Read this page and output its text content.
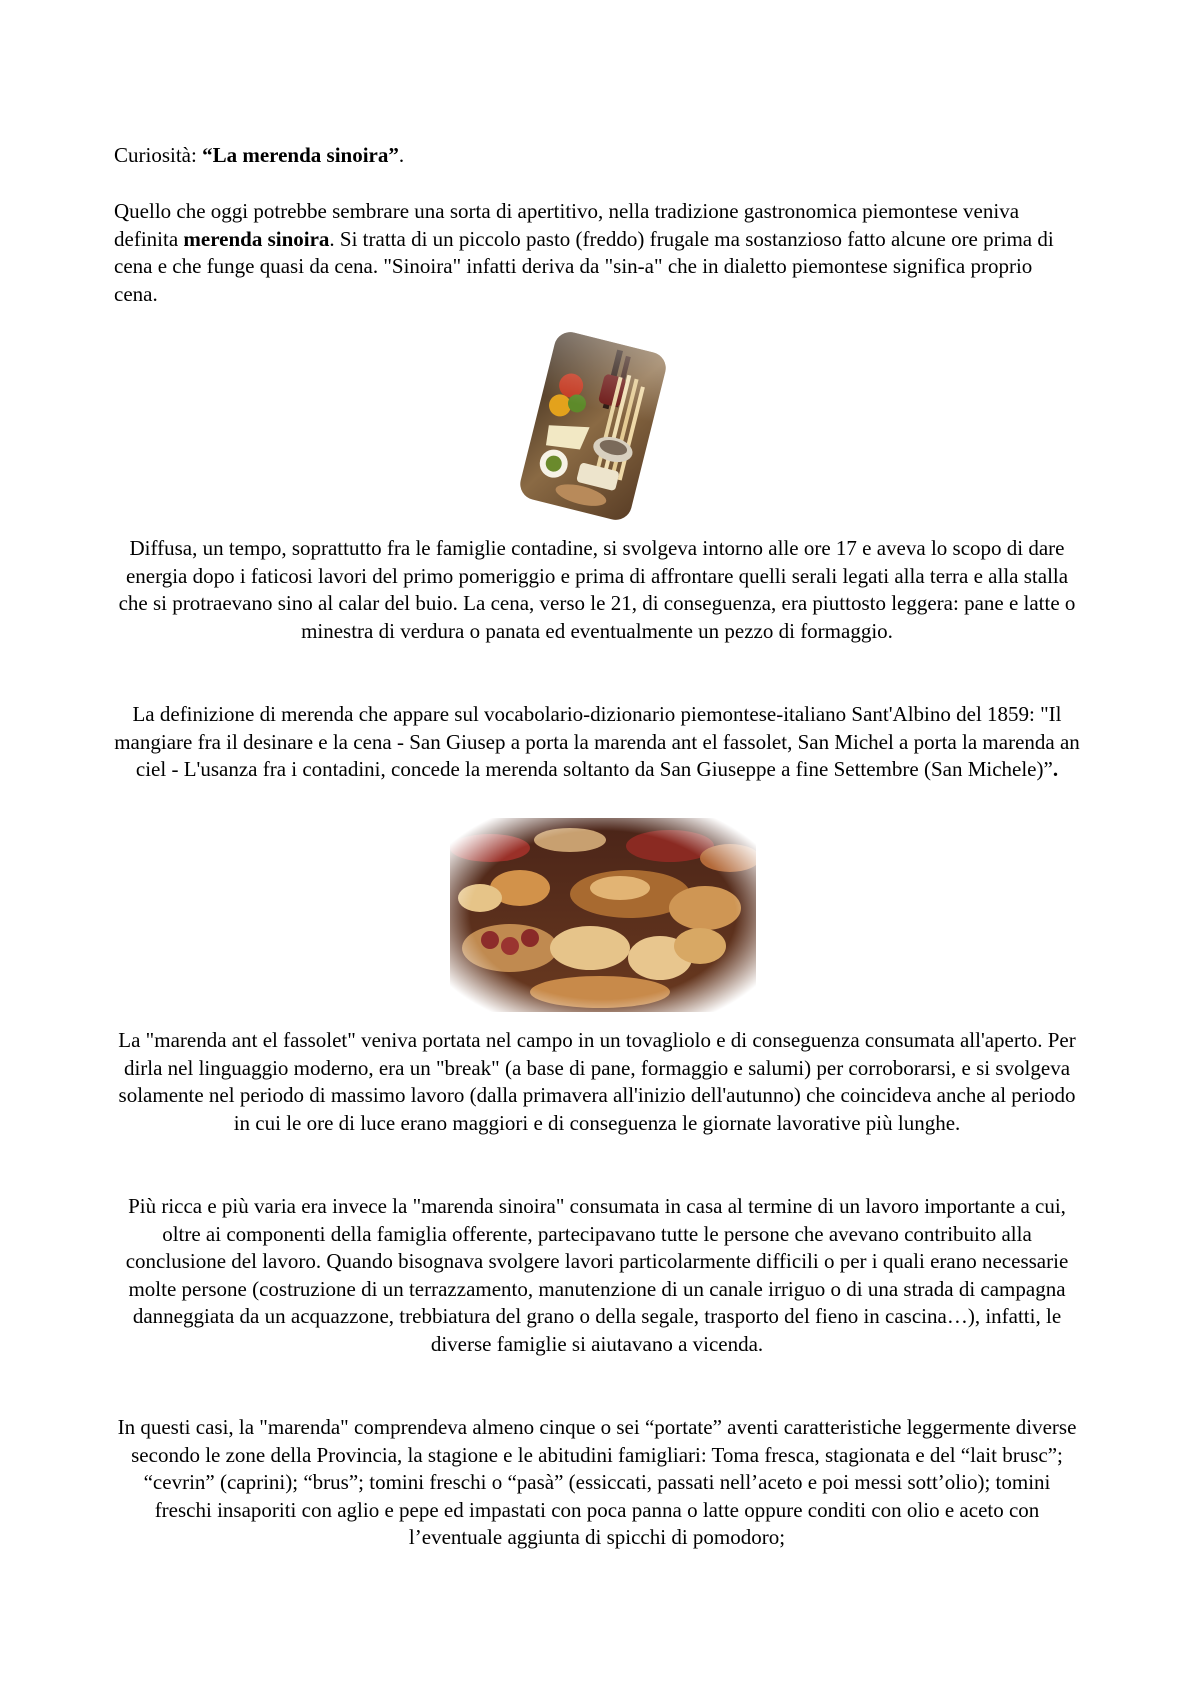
Curiosità: “La merenda sinoira”.

Quello che oggi potrebbe sembrare una sorta di apertitivo, nella tradizione gastronomica piemontese veniva definita merenda sinoira. Si tratta di un piccolo pasto (freddo) frugale ma sostanzioso fatto alcune ore prima di cena e che funge quasi da cena. "Sinoira" infatti deriva da "sin-a" che in dialetto piemontese significa proprio cena.

Diffusa, un tempo, soprattutto fra le famiglie contadine, si svolgeva intorno alle ore 17 e aveva lo scopo di dare energia dopo i faticosi lavori del primo pomeriggio e prima di affrontare quelli serali legati alla terra e alla stalla che si protraevano sino al calar del buio. La cena, verso le 21, di conseguenza, era piuttosto leggera: pane e latte o minestra di verdura o panata ed eventualmente un pezzo di formaggio.

La definizione di merenda che appare sul vocabolario-dizionario piemontese-italiano Sant'Albino del 1859: "Il mangiare fra il desinare e la cena - San Giusep a porta la marenda ant el fassolet, San Michel a porta la marenda an ciel - L'usanza fra i contadini, concede la merenda soltanto da San Giuseppe a fine Settembre (San Michele)”.

La "marenda ant el fassolet" veniva portata nel campo in un tovagliolo e di conseguenza consumata all'aperto. Per dirla nel linguaggio moderno, era un "break" (a base di pane, formaggio e salumi) per corroborarsi, e si svolgeva solamente nel periodo di massimo lavoro (dalla primavera all'inizio dell'autunno) che coincideva anche al periodo in cui le ore di luce erano maggiori e di conseguenza le giornate lavorative più lunghe.

Più ricca e più varia era invece la "marenda sinoira" consumata in casa al termine di un lavoro importante a cui, oltre ai componenti della famiglia offerente, partecipavano tutte le persone che avevano contribuito alla conclusione del lavoro. Quando bisognava svolgere lavori particolarmente difficili o per i quali erano necessarie molte persone (costruzione di un terrazzamento, manutenzione di un canale irriguo o di una strada di campagna danneggiata da un acquazzone, trebbiatura del grano o della segale, trasporto del fieno in cascina…), infatti, le diverse famiglie si aiutavano a vicenda.

In questi casi, la "marenda" comprendeva almeno cinque o sei “portate” aventi caratteristiche leggermente diverse secondo le zone della Provincia, la stagione e le abitudini famigliari: Toma fresca, stagionata e del “lait brusc”; “cevrin” (caprini); “brus”; tomini freschi o “pasà” (essiccati, passati nell’aceto e poi messi sott’olio); tomini freschi insaporiti con aglio e pepe ed impastati con poca panna o latte oppure conditi con olio e aceto con l’eventuale aggiunta di spicchi di pomodoro;
